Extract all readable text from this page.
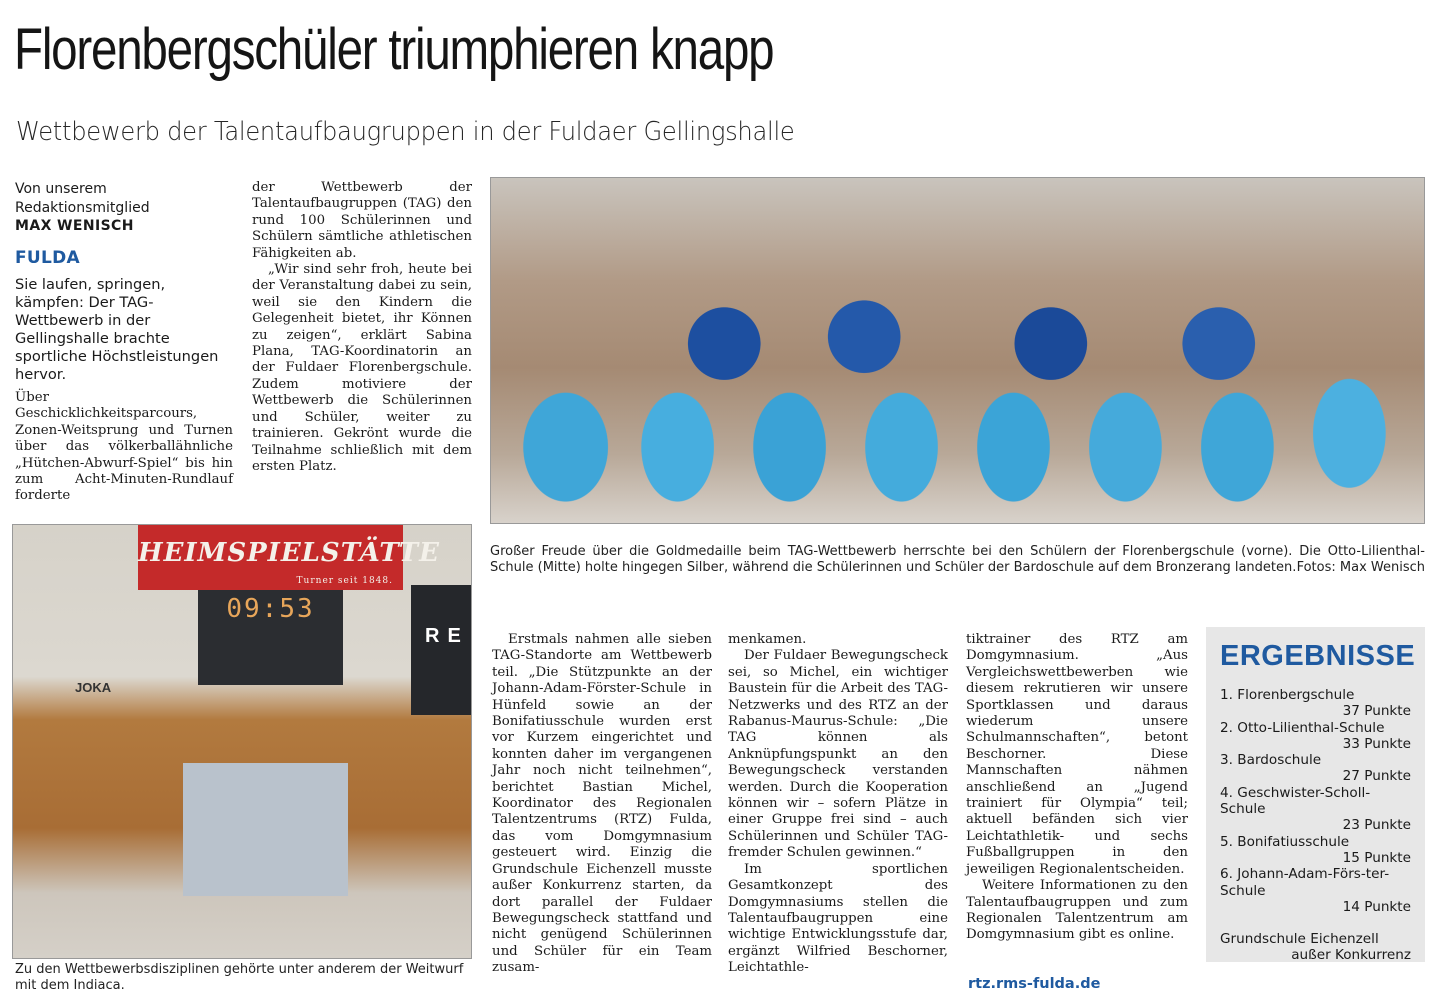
Florenbergschüler triumphieren knapp
Wettbewerb der Talentaufbaugruppen in der Fuldaer Gellingshalle
Von unserem
Redaktionsmitglied
MAX WENISCH
FULDA
Sie laufen, springen, kämpfen: Der TAG-Wettbewerb in der Gellingshalle brachte sportliche Höchstleistungen hervor.

Über Geschicklichkeitsparcours, Zonen-Weitsprung und Turnen über das völkerballähnliche „Hütchen-Abwurf-Spiel“ bis hin zum Acht-Minuten-Rundlauf forderte

der Wettbewerb der Talentaufbaugruppen (TAG) den rund 100 Schülerinnen und Schülern sämtliche athletischen Fähigkeiten ab.

„Wir sind sehr froh, heute bei der Veranstaltung dabei zu sein, weil sie den Kindern die Gelegenheit bietet, ihr Können zu zeigen“, erklärt Sabina Plana, TAG-Koordinatorin an der Fuldaer Florenbergschule. Zudem motiviere der Wettbewerb die Schülerinnen und Schüler, weiter zu trainieren. Gekrönt wurde die Teilnahme schließlich mit dem ersten Platz.

Großer Freude über die Goldmedaille beim TAG-Wettbewerb herrschte bei den Schülern der Florenbergschule (vorne). Die Otto-Lilienthal-Schule (Mitte) holte hingegen Silber, während die Schülerinnen und Schüler der Bardoschule auf dem Bronzerang landeten. Fotos: Max Wenisch
HEIMSPIELSTÄTTE
Turner seit 1848.
09:53
JOKA
RE
Zu den Wettbewerbsdisziplinen gehörte unter anderem der Weitwurf mit dem Indiaca.

Erstmals nahmen alle sieben TAG-Standorte am Wettbewerb teil. „Die Stützpunkte an der Johann-Adam-Förster-Schule in Hünfeld sowie an der Bonifatiusschule wurden erst vor Kurzem eingerichtet und konnten daher im vergangenen Jahr noch nicht teilnehmen“, berichtet Bastian Michel, Koordinator des Regionalen Talentzentrums (RTZ) Fulda, das vom Domgymnasium gesteuert wird. Einzig die Grundschule Eichenzell musste außer Konkurrenz starten, da dort parallel der Fuldaer Bewegungscheck stattfand und nicht genügend Schülerinnen und Schüler für ein Team zusam-

menkamen.

Der Fuldaer Bewegungscheck sei, so Michel, ein wichtiger Baustein für die Arbeit des TAG-Netzwerks und des RTZ an der Rabanus-Maurus-Schule: „Die TAG können als Anknüpfungspunkt an den Bewegungscheck verstanden werden. Durch die Kooperation können wir – sofern Plätze in einer Gruppe frei sind – auch Schülerinnen und Schüler TAG-fremder Schulen gewinnen.“

Im sportlichen Gesamtkonzept des Domgymnasiums stellen die Talentaufbaugruppen eine wichtige Entwicklungsstufe dar, ergänzt Wilfried Beschorner, Leichtathle-

tiktrainer des RTZ am Domgymnasium. „Aus Vergleichswettbewerben wie diesem rekrutieren wir unsere Sportklassen und daraus wiederum unsere Schulmannschaften“, betont Beschorner. Diese Mannschaften nähmen anschließend an „Jugend trainiert für Olympia“ teil; aktuell befänden sich vier Leichtathletik- und sechs Fußballgruppen in den jeweiligen Regionalentscheiden.

Weitere Informationen zu den Talentaufbaugruppen und zum Regionalen Talentzentrum am Domgymnasium gibt es online.

rtz.rms-fulda.de
ERGEBNISSE
1. Florenbergschule
37 Punkte
2. Otto-Lilienthal-Schule
33 Punkte
3. Bardoschule
27 Punkte
4. Geschwister-Scholl-Schule
23 Punkte
5. Bonifatiusschule
15 Punkte
6. Johann-Adam-Förs-ter-Schule
14 Punkte
Grundschule Eichenzell
außer Konkurrenz
